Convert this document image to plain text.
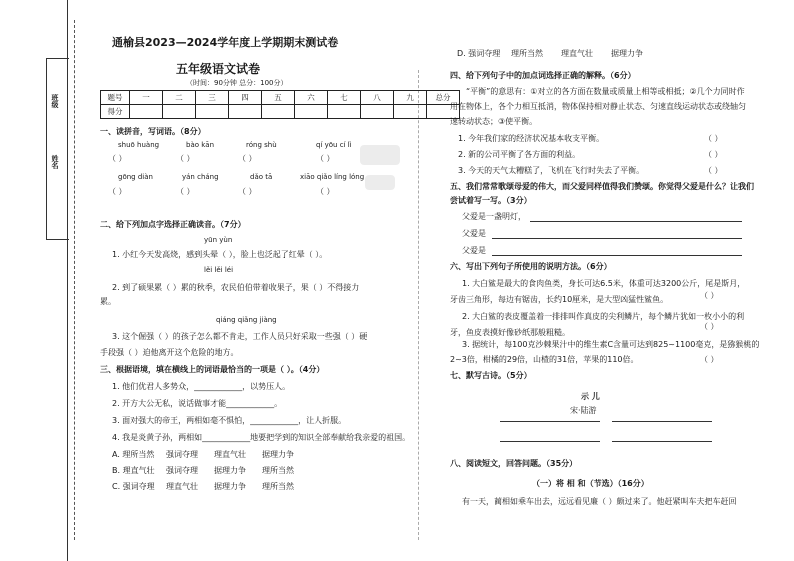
班级
姓名
通榆县2023—2024学年度上学期期末测试卷
五年级语文试卷
（时间：90分钟 总分：100分）
题号	一	二	三	四	五	六	七	八	九	总分
得分										
一、读拼音，写词语。（8分）
shuō huàng	bào kān	róng shù	qí yōu cí lì
（ ）	（ ）	（ ）	（ ）
gōng diàn	yán cháng	dǎo tā	xiāo qiǎo líng lóng
（ ）	（ ）	（ ）	（ ）
二、给下列加点字选择正确读音。（7分）
yūn yùn
1. 小红今天发高烧，感到头晕（ ），脸上也泛起了红晕（ ）。
lěi lěi léi
2. 到了硕果累（ ）累的秋季，农民伯伯带着收果子，果（ ）不得接力
累。
qiáng qiǎng jiàng
3. 这个倔强（ ）的孩子怎么都不肯走，工作人员只好采取一些强（ ）硬
手段强（ ）迫他离开这个危险的地方。
三、根据语境，填在横线上的词语最恰当的一项是（ ）。（4分）
1. 他们优君人多势众，____________，以势压人。
2. 开方大公无私，说话做事才能____________。
3. 面对强大的帝王，两相如毫不惧怕，____________，让人折服。
4. 我是炎黄子孙，两相如____________地要把学到的知识全部奉献给我亲爱的祖国。
A. 理所当然 强词夺理 理直气壮 据理力争
B. 理直气壮 强词夺理 据理力争 理所当然
C. 强词夺理 理直气壮 据理力争 理所当然
D. 强词夺理 理所当然 理直气壮 据理力争
四、给下列句子中的加点词选择正确的解释。（6分）
“平衡”的意思有：①对立的各方面在数量或质量上相等或相抵；②几个力同时作
用在物体上，各个力相互抵消，物体保持相对静止状态、匀速直线运动状态或绕轴匀
速转动状态；③使平衡。
1. 今年我们家的经济状况基本收支平衡。	（ ）
2. 新的公司平衡了各方面的利益。	（ ）
3. 今天的天气太糟糕了，飞机在飞行时失去了平衡。	（ ）
五、我们常常歌颂母爱的伟大，而父爱同样值得我们赞颂。你觉得父爱是什么？让我们
尝试着写一写。（3分）
父爱是一盏明灯，
父爱是
父爱是
六、写出下列句子所使用的说明方法。（6分）
1. 大白鲨是最大的食肉鱼类，身长可达6.5米，体重可达3200公斤，尾是斯月，
牙齿三角形，每边有锯齿，长约10厘米，是大型凶猛性鲨鱼。	（ ）
2. 大白鲨的表皮覆盖着一排排叫作真皮的尖利鳞片，每个鳞片犹如一枚小小的利
牙，鱼皮表摸好像砂纸那般粗糙。
（ ）
3. 据统计，每100克沙棘果汁中的维生素C含量可达到825~1100毫克，是猕猴桃的
2~3倍，柑橘的29倍，山楂的31倍，苹果的110倍。	（ ）
七、默写古诗。（5分）
示 儿
宋·陆游
八、阅读短文，回答问题。（35分）
（一）将 相 和（节选）（16分）
有一天，蔺相如乘车出去，远远看见廉（ ）颇过来了。他赶紧叫车夫把车赶回
